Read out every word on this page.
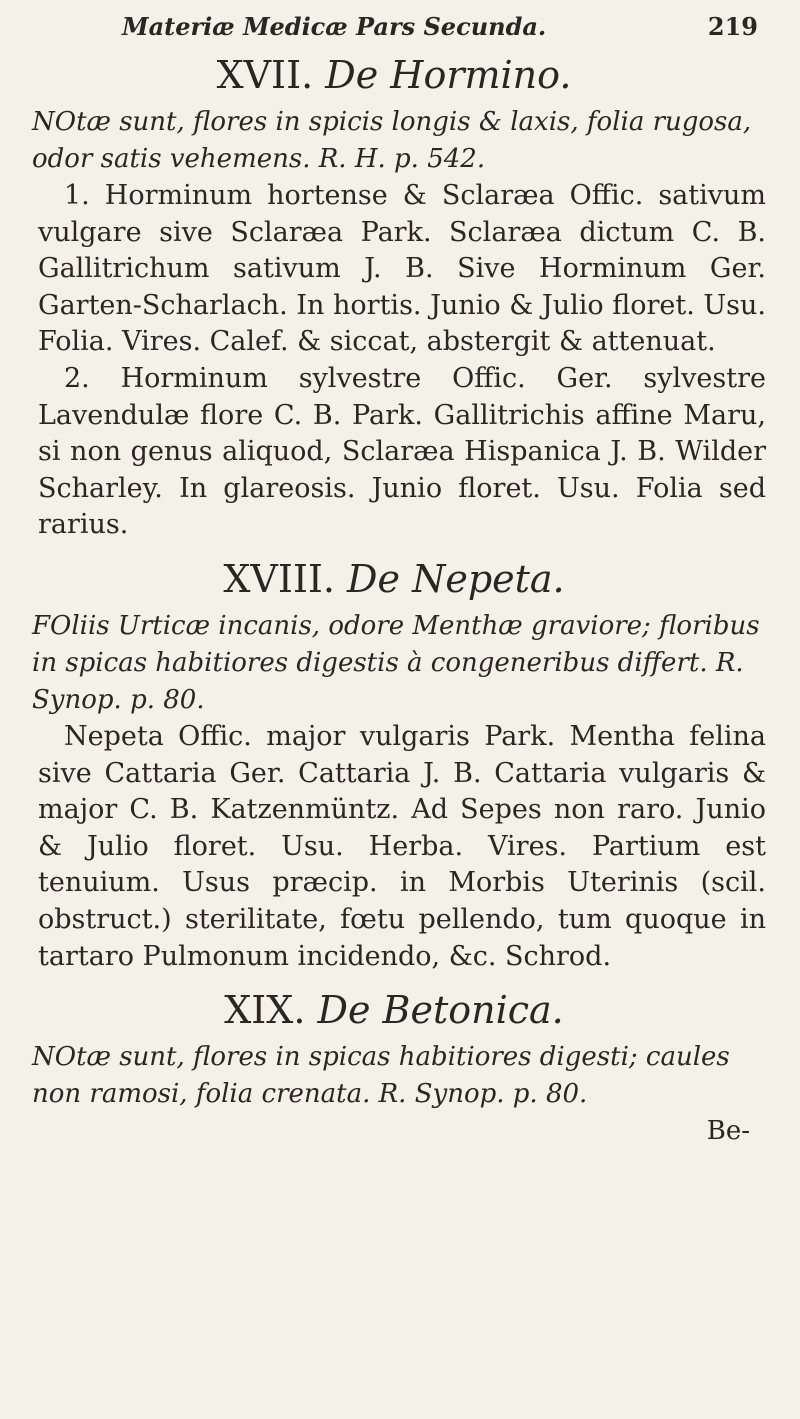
Materiæ Medicæ Pars Secunda.	219
XVII. De Hormino.

NOtæ sunt, flores in spicis longis & laxis, folia rugosa, odor satis vehemens. R. H. p. 542.

1. Horminum hortense & Sclaræa Offic. sativum vulgare sive Sclaræa Park. Sclaræa dictum C. B. Gallitrichum sativum J. B. Sive Horminum Ger. Garten-Scharlach. In hortis. Junio & Julio floret. Usu. Folia. Vires. Calef. & siccat, abstergit & attenuat.

2. Horminum sylvestre Offic. Ger. sylvestre Lavendulæ flore C. B. Park. Gallitrichis affine Maru, si non genus aliquod, Sclaræa Hispanica J. B. Wilder Scharley. In glareosis. Junio floret. Usu. Folia sed rarius.

XVIII. De Nepeta.

FOliis Urticæ incanis, odore Menthæ graviore; floribus in spicas habitiores digestis à congeneribus differt. R. Synop. p. 80.

Nepeta Offic. major vulgaris Park. Mentha felina sive Cattaria Ger. Cattaria J. B. Cattaria vulgaris & major C. B. Katzenmüntz. Ad Sepes non raro. Junio & Julio floret. Usu. Herba. Vires. Partium est tenuium. Usus præcip. in Morbis Uterinis (scil. obstruct.) sterilitate, fœtu pellendo, tum quoque in tartaro Pulmonum incidendo, &c. Schrod.

XIX. De Betonica.

NOtæ sunt, flores in spicas habitiores digesti; caules non ramosi, folia crenata. R. Synop. p. 80.

Be-
